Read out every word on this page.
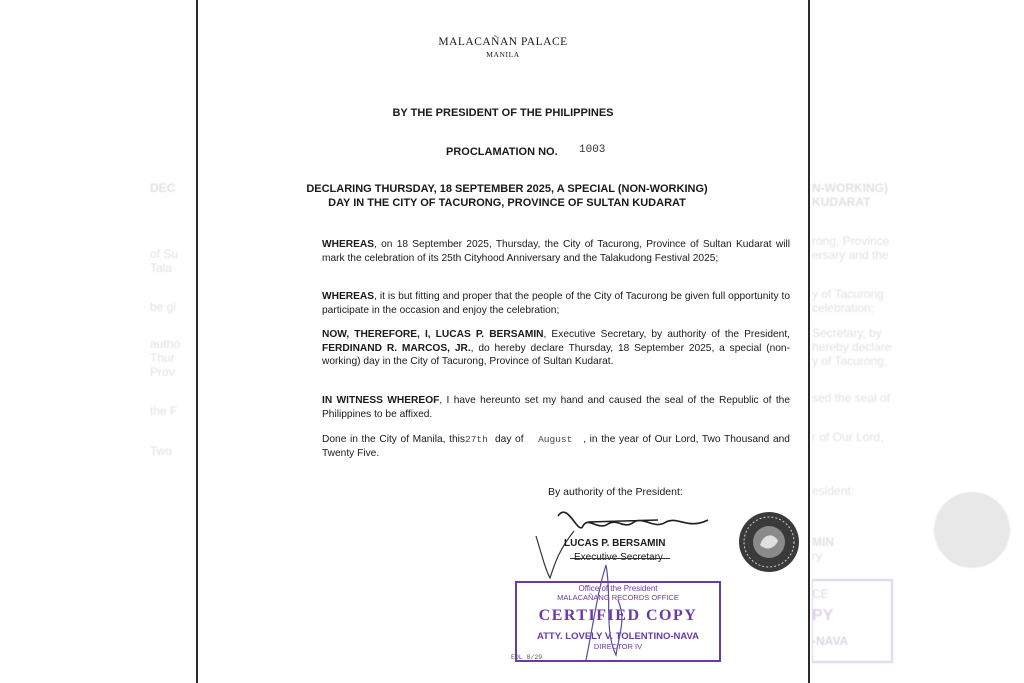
DEC
of Su
Tala
be gi
autho
Thur
Prov
the F
Two
N-WORKING)
KUDARAT
rong, Province
ersary and the
y of Tacurong
celebration;
Secretary, by
hereby declare
y of Tacurong,
sed the seal of
r of Our Lord,
esident:
MIN
ry
CE
PY
-NAVA
MALACAÑAN PALACE
MANILA
BY THE PRESIDENT OF THE PHILIPPINES
PROCLAMATION NO. 1003
DECLARING THURSDAY, 18 SEPTEMBER 2025, A SPECIAL (NON-WORKING)
DAY IN THE CITY OF TACURONG, PROVINCE OF SULTAN KUDARAT
WHEREAS, on 18 September 2025, Thursday, the City of Tacurong, Province of Sultan Kudarat will mark the celebration of its 25th Cityhood Anniversary and the Talakudong Festival 2025;
WHEREAS, it is but fitting and proper that the people of the City of Tacurong be given full opportunity to participate in the occasion and enjoy the celebration;
NOW, THEREFORE, I, LUCAS P. BERSAMIN, Executive Secretary, by authority of the President, FERDINAND R. MARCOS, JR., do hereby declare Thursday, 18 September 2025, a special (non-working) day in the City of Tacurong, Province of Sultan Kudarat.
IN WITNESS WHEREOF, I have hereunto set my hand and caused the seal of the Republic of the Philippines to be affixed.
Done in the City of Manila, this27th day of August , in the year of Our Lord, Two Thousand and Twenty Five.
By authority of the President:
LUCAS P. BERSAMIN
Office of the President
MALACAÑANG RECORDS OFFICE
CERTIFIED COPY
ATTY. LOVELY V. TOLENTINO-NAVA
DIRECTOR IV
EOL 8/29
